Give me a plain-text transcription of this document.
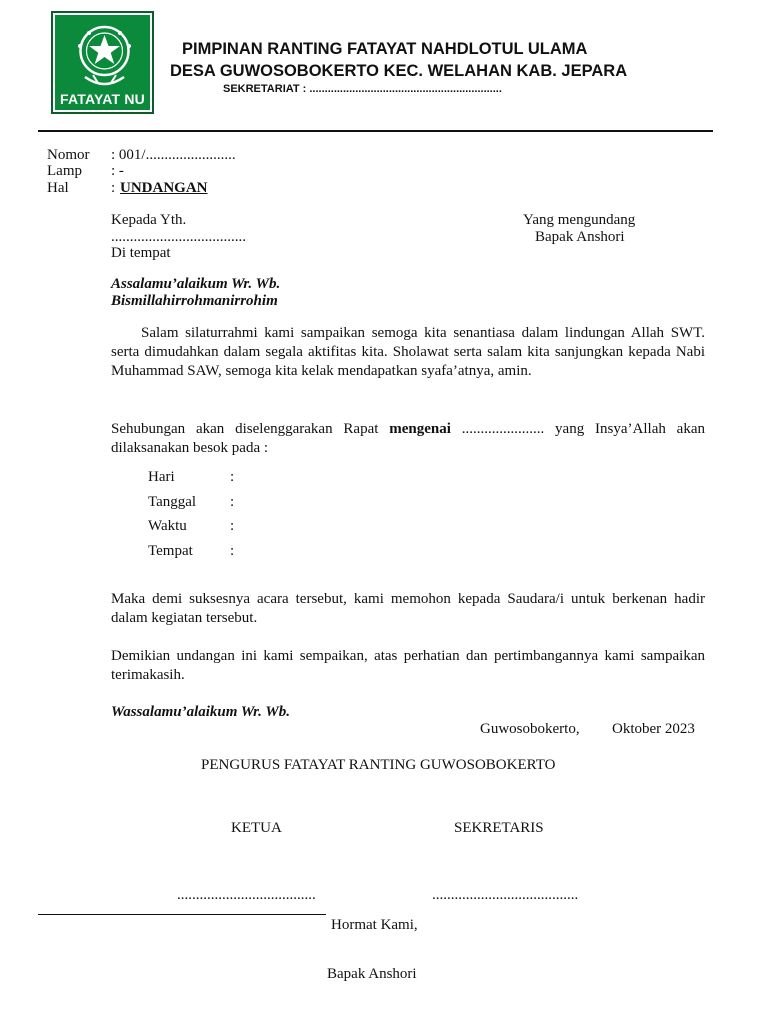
FATAYAT NU
PIMPINAN RANTING FATAYAT NAHDLOTUL ULAMA
DESA GUWOSOBOKERTO KEC. WELAHAN KAB. JEPARA
SEKRETARIAT : ...............................................................
Nomor : 001/........................
Lamp : -
Hal	: UNDANGAN
Kepada Yth.
....................................
Di tempat
Yang mengundang
Bapak Anshori
Assalamu’alaikum Wr. Wb.
Bismillahirrohmanirrohim
Salam silaturrahmi kami sampaikan semoga kita senantiasa dalam lindungan Allah SWT. serta dimudahkan dalam segala aktifitas kita. Sholawat serta salam kita sanjungkan kepada Nabi Muhammad SAW, semoga kita kelak mendapatkan syafa’atnya, amin.
Sehubungan akan diselenggarakan Rapat mengenai ...................... yang Insya’Allah akan dilaksanakan besok pada :
Hari	:
Tanggal :
Waktu	:
Tempat :
Maka demi suksesnya acara tersebut, kami memohon kepada Saudara/i untuk berkenan hadir dalam kegiatan tersebut.
Demikian undangan ini kami sempaikan, atas perhatian dan pertimbangannya kami sampaikan terimakasih.
Wassalamu’alaikum Wr. Wb.
Guwosobokerto, Oktober 2023
PENGURUS FATAYAT RANTING GUWOSOBOKERTO
KETUA	SEKRETARIS
.....................................	.......................................
Hormat Kami,
Bapak Anshori
